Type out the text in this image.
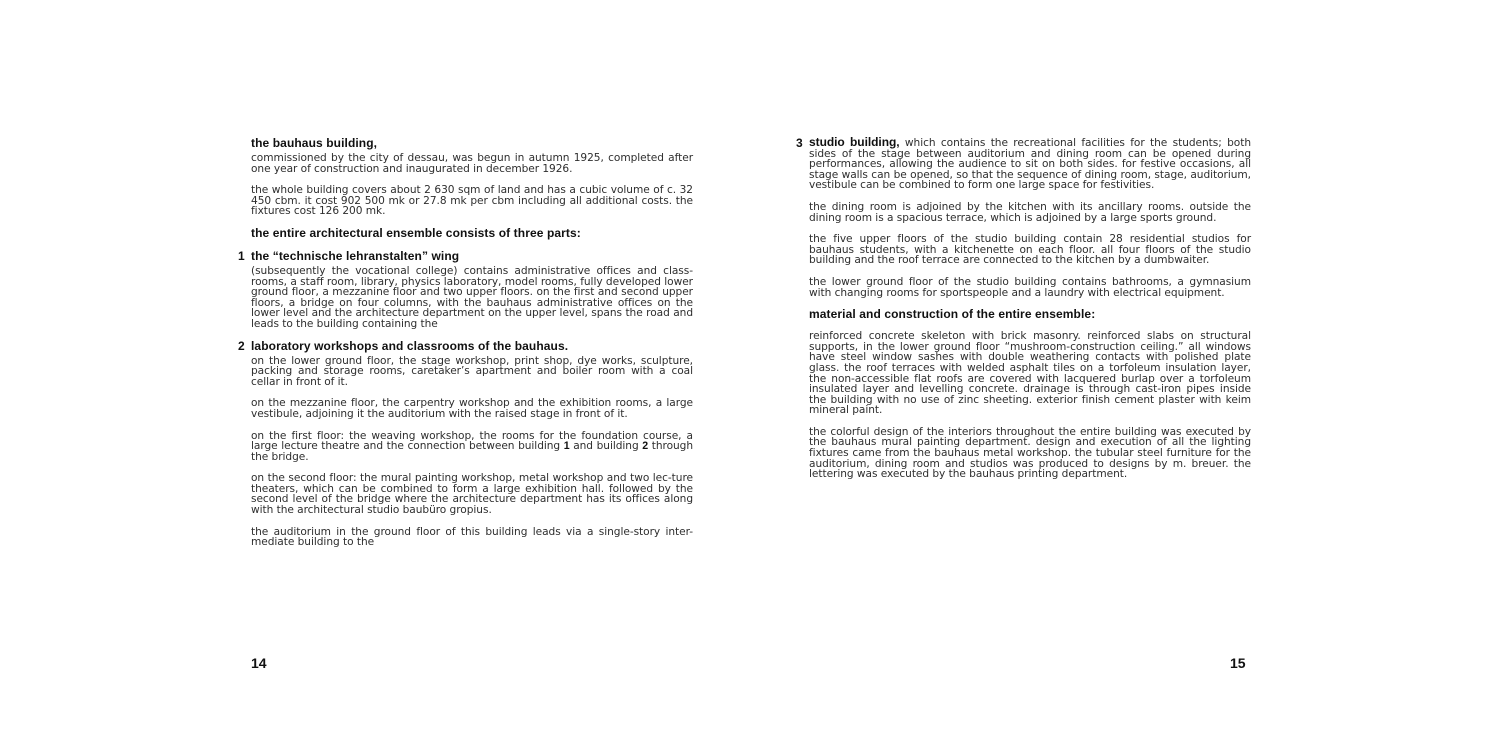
the bauhaus building,

commissioned by the city of dessau, was begun in autumn 1925, completed after one year of construction and inaugurated in december 1926.

the whole building covers about 2 630 sqm of land and has a cubic volume of c. 32 450 cbm. it cost 902 500 mk or 27.8 mk per cbm including all additional costs. the fixtures cost 126 200 mk.

the entire architectural ensemble consists of three parts:
1 the “technische lehranstalten” wing

(subsequently the vocational college) contains administrative offices and class-rooms, a staff room, library, physics laboratory, model rooms, fully developed lower ground floor, a mezzanine floor and two upper floors. on the first and second upper floors, a bridge on four columns, with the bauhaus administrative offices on the lower level and the architecture department on the upper level, spans the road and leads to the building containing the

2 laboratory workshops and classrooms of the bauhaus.

on the lower ground floor, the stage workshop, print shop, dye works, sculpture, packing and storage rooms, caretaker’s apartment and boiler room with a coal cellar in front of it.

on the mezzanine floor, the carpentry workshop and the exhibition rooms, a large vestibule, adjoining it the auditorium with the raised stage in front of it.

on the first floor: the weaving workshop, the rooms for the foundation course, a large lecture theatre and the connection between building 1 and building 2 through the bridge.

on the second floor: the mural painting workshop, metal workshop and two lec-ture theaters, which can be combined to form a large exhibition hall. followed by the second level of the bridge where the architecture department has its offices along with the architectural studio baubüro gropius.

the auditorium in the ground floor of this building leads via a single-story inter-mediate building to the

14
3 studio building, which contains the recreational facilities for the students; both sides of the stage between auditorium and dining room can be opened during performances, allowing the audience to sit on both sides. for festive occasions, all stage walls can be opened, so that the sequence of dining room, stage, auditorium, vestibule can be combined to form one large space for festivities.

the dining room is adjoined by the kitchen with its ancillary rooms. outside the dining room is a spacious terrace, which is adjoined by a large sports ground.

the five upper floors of the studio building contain 28 residential studios for bauhaus students, with a kitchenette on each floor. all four floors of the studio building and the roof terrace are connected to the kitchen by a dumbwaiter.

the lower ground floor of the studio building contains bathrooms, a gymnasium with changing rooms for sportspeople and a laundry with electrical equipment.

material and construction of the entire ensemble:

reinforced concrete skeleton with brick masonry. reinforced slabs on structural supports, in the lower ground floor “mushroom-construction ceiling.” all windows have steel window sashes with double weathering contacts with polished plate glass. the roof terraces with welded asphalt tiles on a torfoleum insulation layer, the non-accessible flat roofs are covered with lacquered burlap over a torfoleum insulated layer and levelling concrete. drainage is through cast-iron pipes inside the building with no use of zinc sheeting. exterior finish cement plaster with keim mineral paint.

the colorful design of the interiors throughout the entire building was executed by the bauhaus mural painting department. design and execution of all the lighting fixtures came from the bauhaus metal workshop. the tubular steel furniture for the auditorium, dining room and studios was produced to designs by m. breuer. the lettering was executed by the bauhaus printing department.

15
